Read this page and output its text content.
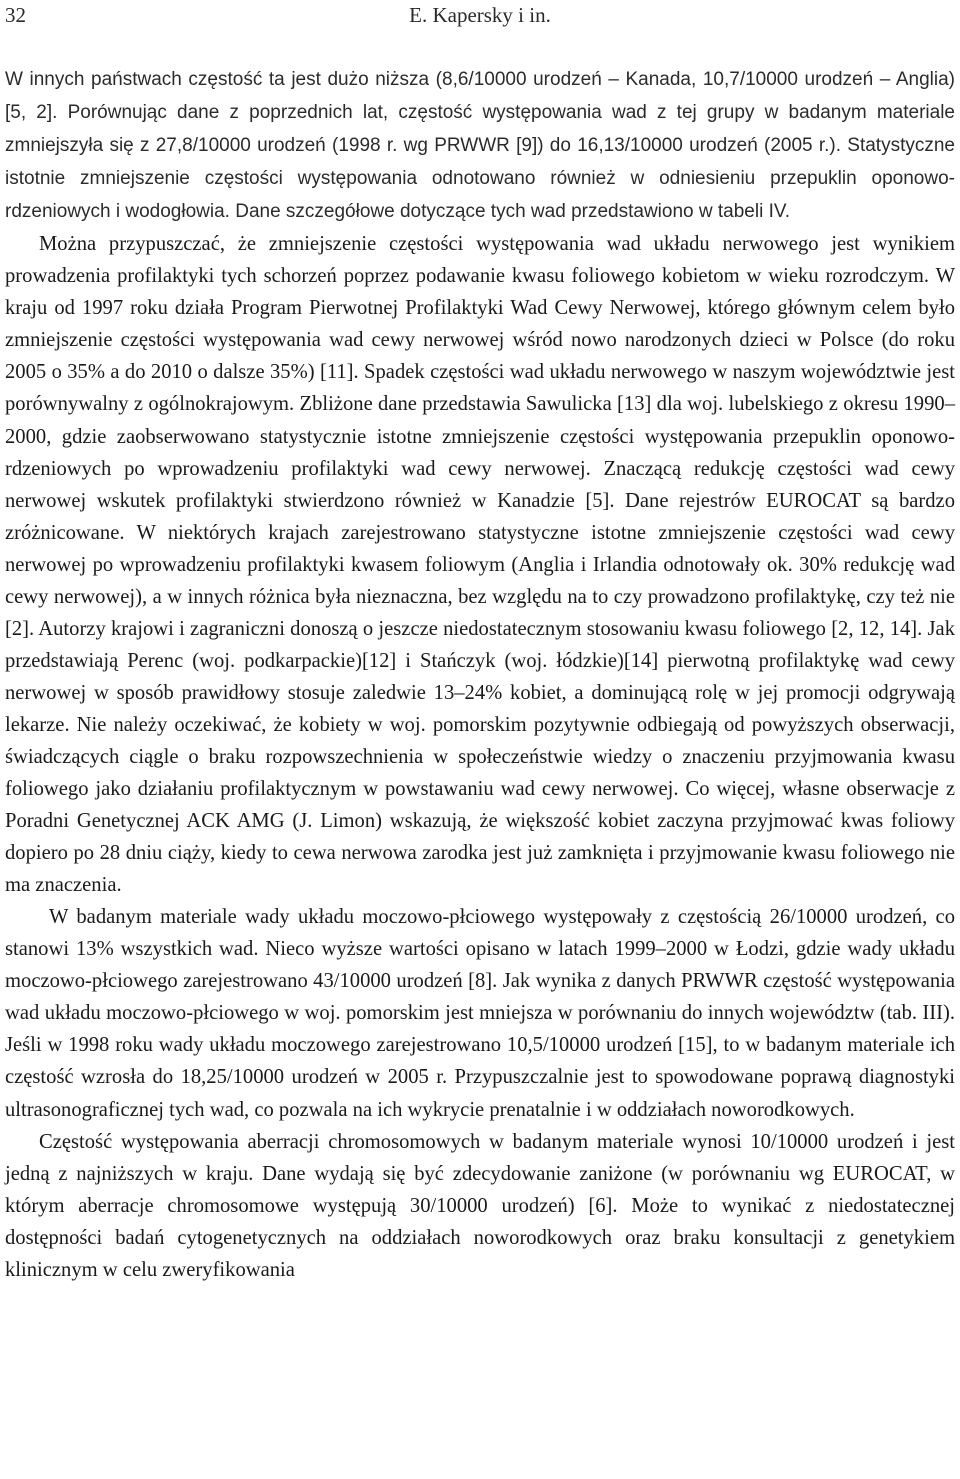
32	E. Kapersky i in.

W innych państwach częstość ta jest dużo niższa (8,6/10000 urodzeń – Kanada, 10,7/10000 urodzeń – Anglia) [5, 2]. Porównując dane z poprzednich lat, częstość występowania wad z tej grupy w badanym materiale zmniejszyła się z 27,8/10000 urodzeń (1998 r. wg PRWWR [9]) do 16,13/10000 urodzeń (2005 r.). Statystyczne istotnie zmniejszenie częstości występowania odnotowano również w odniesieniu przepuklin oponowo-rdzeniowych i wodogłowia. Dane szczegółowe dotyczące tych wad przedstawiono w tabeli IV.

Można przypuszczać, że zmniejszenie częstości występowania wad układu nerwowego jest wynikiem prowadzenia profilaktyki tych schorzeń poprzez podawanie kwasu foliowego kobietom w wieku rozrodczym. W kraju od 1997 roku działa Program Pierwotnej Profilaktyki Wad Cewy Nerwowej, którego głównym celem było zmniejszenie częstości występowania wad cewy nerwowej wśród nowo narodzonych dzieci w Polsce (do roku 2005 o 35% a do 2010 o dalsze 35%) [11]. Spadek częstości wad układu nerwowego w naszym województwie jest porównywalny z ogólnokrajowym. Zbliżone dane przedstawia Sawulicka [13] dla woj. lubelskiego z okresu 1990–2000, gdzie zaobserwowano statystycznie istotne zmniejszenie częstości występowania przepuklin oponowo-rdzeniowych po wprowadzeniu profilaktyki wad cewy nerwowej. Znaczącą redukcję częstości wad cewy nerwowej wskutek profilaktyki stwierdzono również w Kanadzie [5]. Dane rejestrów EUROCAT są bardzo zróżnicowane. W niektórych krajach zarejestrowano statystyczne istotne zmniejszenie częstości wad cewy nerwowej po wprowadzeniu profilaktyki kwasem foliowym (Anglia i Irlandia odnotowały ok. 30% redukcję wad cewy nerwowej), a w innych różnica była nieznaczna, bez względu na to czy prowadzono profilaktykę, czy też nie [2]. Autorzy krajowi i zagraniczni donoszą o jeszcze niedostatecznym stosowaniu kwasu foliowego [2, 12, 14]. Jak przedstawiają Perenc (woj. podkarpackie)[12] i Stańczyk (woj. łódzkie)[14] pierwotną profilaktykę wad cewy nerwowej w sposób prawidłowy stosuje zaledwie 13–24% kobiet, a dominującą rolę w jej promocji odgrywają lekarze. Nie należy oczekiwać, że kobiety w woj. pomorskim pozytywnie odbiegają od powyższych obserwacji, świadczących ciągle o braku rozpowszechnienia w społeczeństwie wiedzy o znaczeniu przyjmowania kwasu foliowego jako działaniu profilaktycznym w powstawaniu wad cewy nerwowej. Co więcej, własne obserwacje z Poradni Genetycznej ACK AMG (J. Limon) wskazują, że większość kobiet zaczyna przyjmować kwas foliowy dopiero po 28 dniu ciąży, kiedy to cewa nerwowa zarodka jest już zamknięta i przyjmowanie kwasu foliowego nie ma znaczenia.

W badanym materiale wady układu moczowo-płciowego występowały z częstością 26/10000 urodzeń, co stanowi 13% wszystkich wad. Nieco wyższe wartości opisano w latach 1999–2000 w Łodzi, gdzie wady układu moczowo-płciowego zarejestrowano 43/10000 urodzeń [8]. Jak wynika z danych PRWWR częstość występowania wad układu moczowo-płciowego w woj. pomorskim jest mniejsza w porównaniu do innych województw (tab. III). Jeśli w 1998 roku wady układu moczowego zarejestrowano 10,5/10000 urodzeń [15], to w badanym materiale ich częstość wzrosła do 18,25/10000 urodzeń w 2005 r. Przypuszczalnie jest to spowodowane poprawą diagnostyki ultrasonograficznej tych wad, co pozwala na ich wykrycie prenatalnie i w oddziałach noworodkowych.

Częstość występowania aberracji chromosomowych w badanym materiale wynosi 10/10000 urodzeń i jest jedną z najniższych w kraju. Dane wydają się być zdecydowanie zaniżone (w porównaniu wg EUROCAT, w którym aberracje chromosomowe występują 30/10000 urodzeń) [6]. Może to wynikać z niedostatecznej dostępności badań cytogenetycznych na oddziałach noworodkowych oraz braku konsultacji z genetykiem klinicznym w celu zweryfikowania
